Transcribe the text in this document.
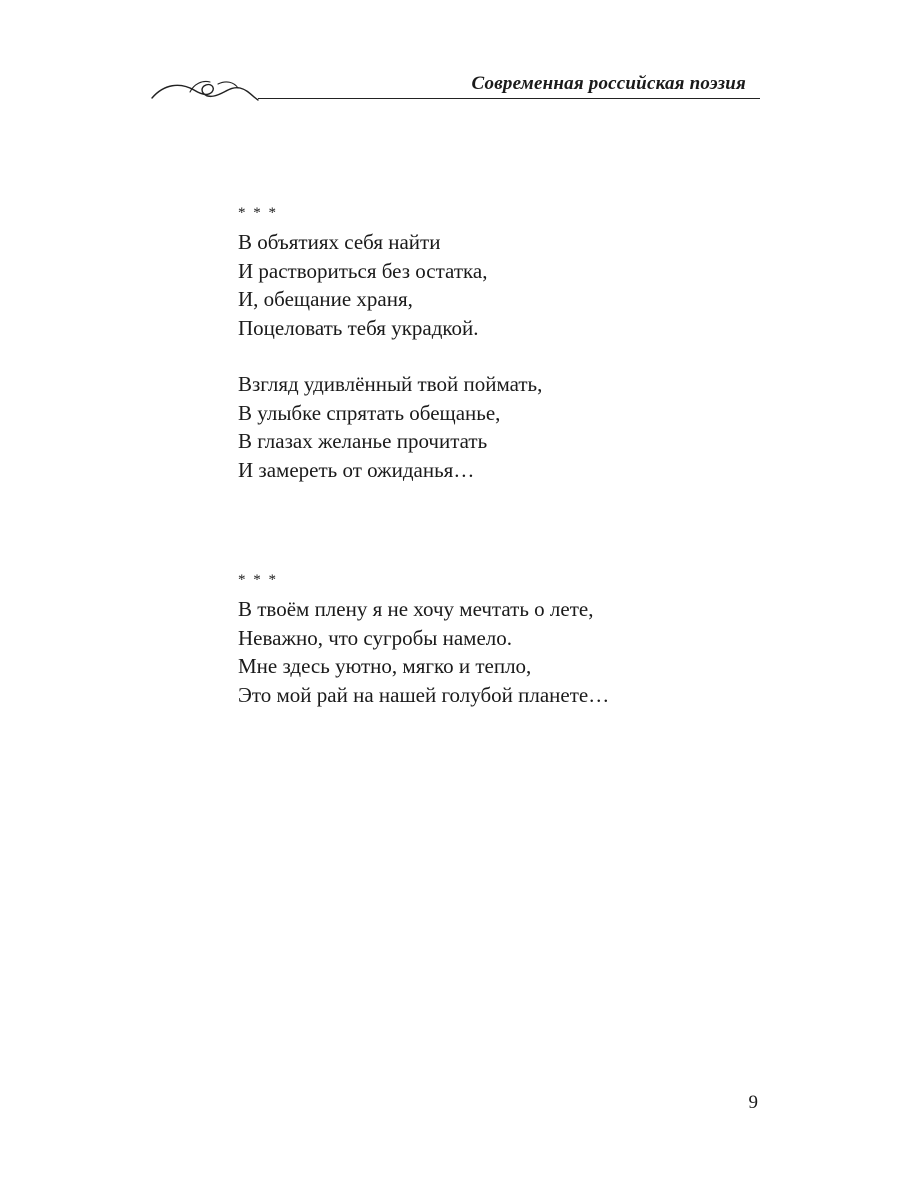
Современная российская поэзия
* * *
В объятиях себя найти
И раствориться без остатка,
И, обещание храня,
Поцеловать тебя украдкой.
Взгляд удивлённый твой поймать,
В улыбке спрятать обещанье,
В глазах желанье прочитать
И замереть от ожиданья…
* * *
В твоём плену я не хочу мечтать о лете,
Неважно, что сугробы намело.
Мне здесь уютно, мягко и тепло,
Это мой рай на нашей голубой планете…
9
